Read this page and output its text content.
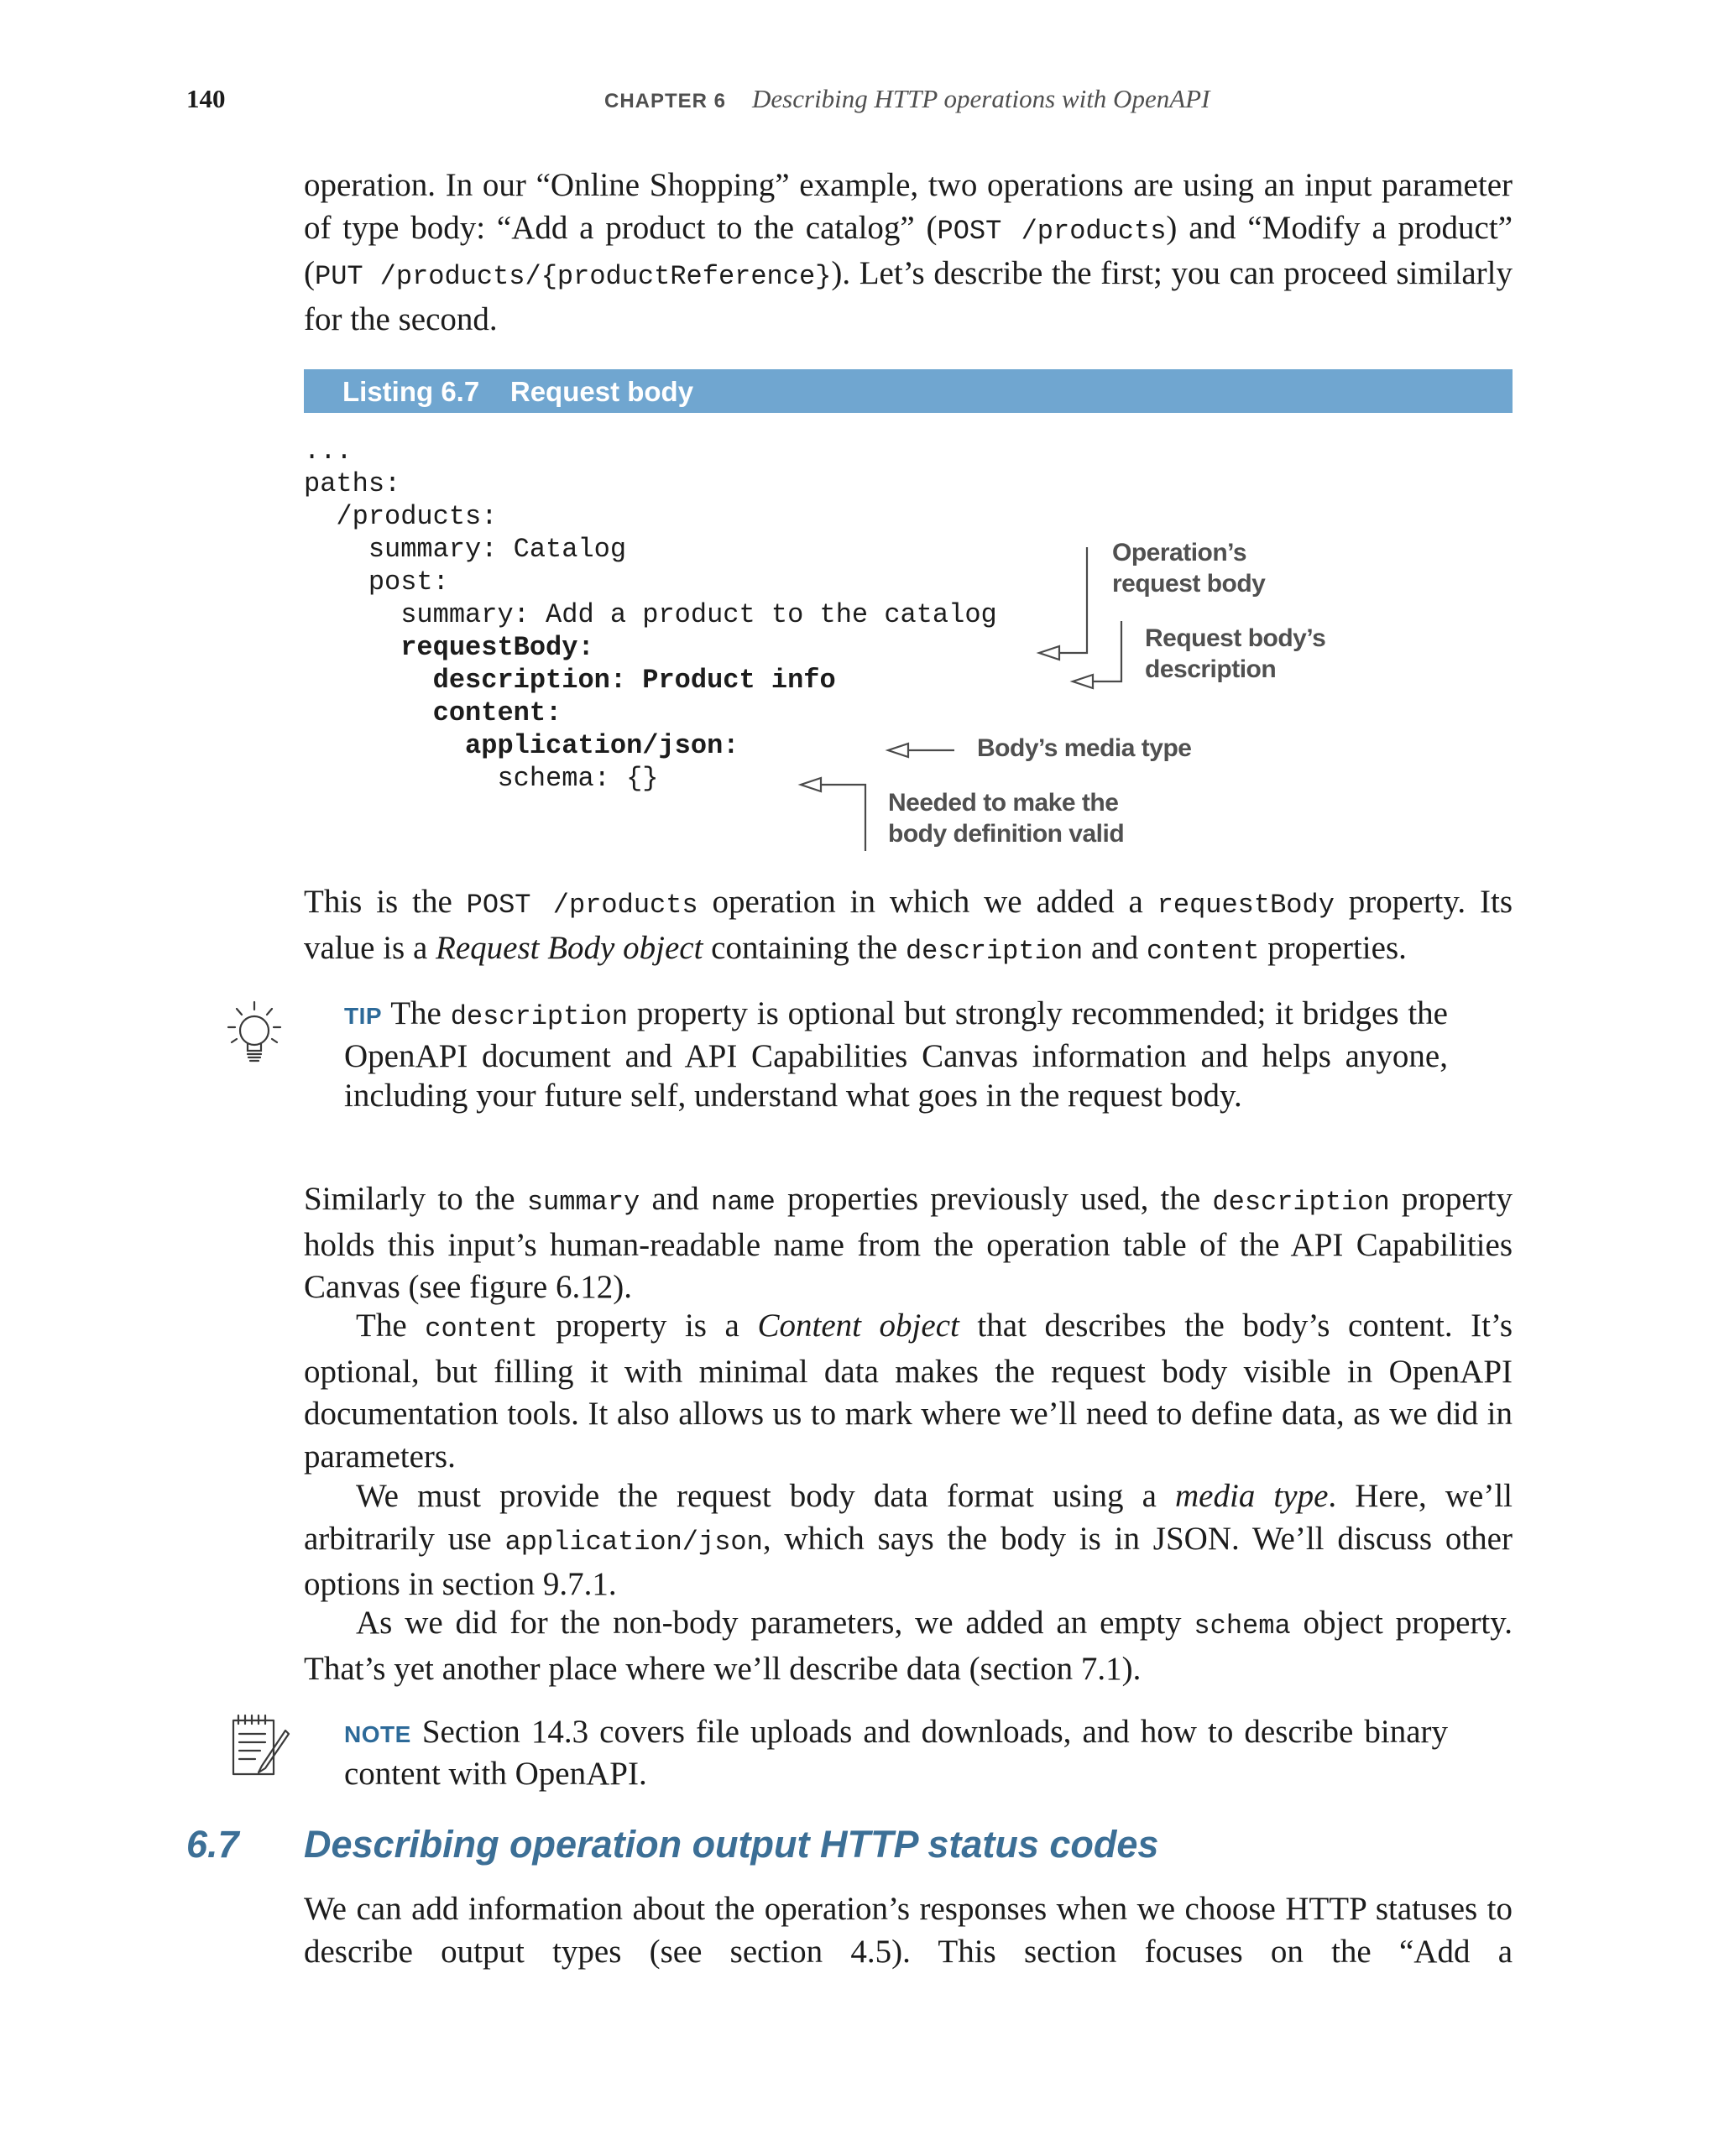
140	CHAPTER 6 Describing HTTP operations with OpenAPI
operation. In our “Online Shopping” example, two operations are using an input parameter of type body: “Add a product to the catalog” (POST /products) and “Modify a product” (PUT /products/{productReference}). Let’s describe the first; you can proceed similarly for the second.
Listing 6.7    Request body
...
paths:
/products:
summary: Catalog
post:
summary: Add a product to the catalog
requestBody:
description: Product info
content:
application/json:
schema: {}
Operation’s
request body
Request body’s
description
Body’s media type
Needed to make the
body definition valid
This is the POST /products operation in which we added a requestBody property. Its value is a Request Body object containing the description and content properties.
TIP The description property is optional but strongly recommended; it bridges the OpenAPI document and API Capabilities Canvas information and helps anyone, including your future self, understand what goes in the request body.
Similarly to the summary and name properties previously used, the description property holds this input’s human-readable name from the operation table of the API Capabilities Canvas (see figure 6.12).
The content property is a Content object that describes the body’s content. It’s optional, but filling it with minimal data makes the request body visible in OpenAPI documentation tools. It also allows us to mark where we’ll need to define data, as we did in parameters.
We must provide the request body data format using a media type. Here, we’ll arbitrarily use application/json, which says the body is in JSON. We’ll discuss other options in section 9.7.1.
As we did for the non-body parameters, we added an empty schema object property. That’s yet another place where we’ll describe data (section 7.1).
NOTE Section 14.3 covers file uploads and downloads, and how to describe binary content with OpenAPI.
6.7 Describing operation output HTTP status codes
We can add information about the operation’s responses when we choose HTTP statuses to describe output types (see section 4.5). This section focuses on the “Add a
